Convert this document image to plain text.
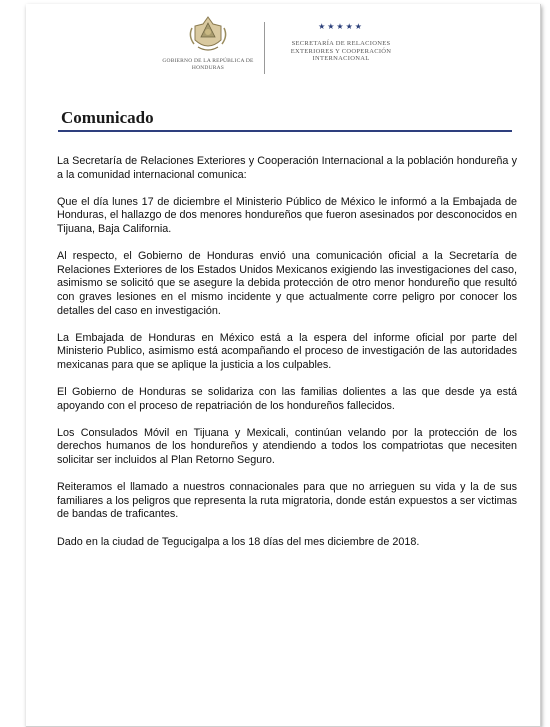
GOBIERNO DE LA REPÚBLICA DE HONDURAS
★★★★★
SECRETARÍA DE RELACIONES EXTERIORES Y COOPERACIÓN INTERNACIONAL
Comunicado

La Secretaría de Relaciones Exteriores y Cooperación Internacional a la población hondureña y a la comunidad internacional comunica:

Que el día lunes 17 de diciembre el Ministerio Público de México le informó a la Embajada de Honduras, el hallazgo de dos menores hondureños que fueron asesinados por desconocidos en Tijuana, Baja California.

Al respecto, el Gobierno de Honduras envió una comunicación oficial a la Secretaría de Relaciones Exteriores de los Estados Unidos Mexicanos exigiendo las investigaciones del caso, asimismo se solicitó que se asegure la debida protección de otro menor hondureño que resultó con graves lesiones en el mismo incidente y que actualmente corre peligro por conocer los detalles del caso en investigación.

La Embajada de Honduras en México está a la espera del informe oficial por parte del Ministerio Publico, asimismo está acompañando el proceso de investigación de las autoridades mexicanas para que se aplique la justicia a los culpables.

El Gobierno de Honduras se solidariza con las familias dolientes a las que desde ya está apoyando con el proceso de repatriación de los hondureños fallecidos.

Los Consulados Móvil en Tijuana y Mexicali, continúan velando por la protección de los derechos humanos de los hondureños y atendiendo a todos los compatriotas que necesiten solicitar ser incluidos al Plan Retorno Seguro.

Reiteramos el llamado a nuestros connacionales para que no arrieguen su vida y la de sus familiares a los peligros que representa la ruta migratoria, donde están expuestos a ser victimas de bandas de traficantes.

Dado en la ciudad de Tegucigalpa a los 18 días del mes diciembre de 2018.
